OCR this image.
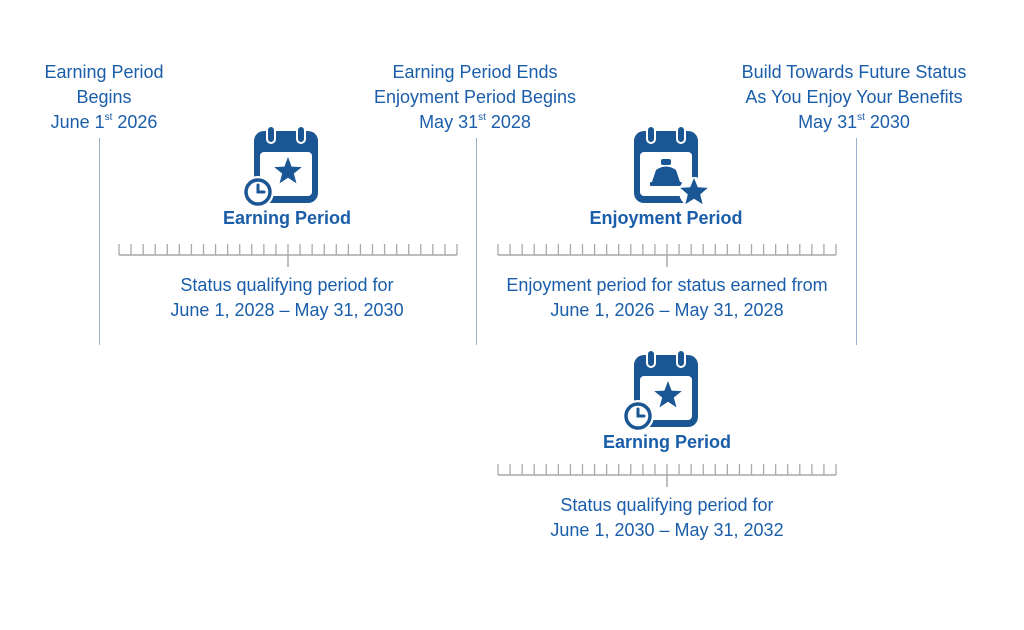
Earning Period
Begins
June 1st 2026
Earning Period Ends
Enjoyment Period Begins
May 31st 2028
Build Towards Future Status
As You Enjoy Your Benefits
May 31st 2030
Earning Period
Status qualifying period for
June 1, 2028 – May 31, 2030
Enjoyment Period
Enjoyment period for status earned from
June 1, 2026 – May 31, 2028
Earning Period
Status qualifying period for
June 1, 2030 – May 31, 2032
